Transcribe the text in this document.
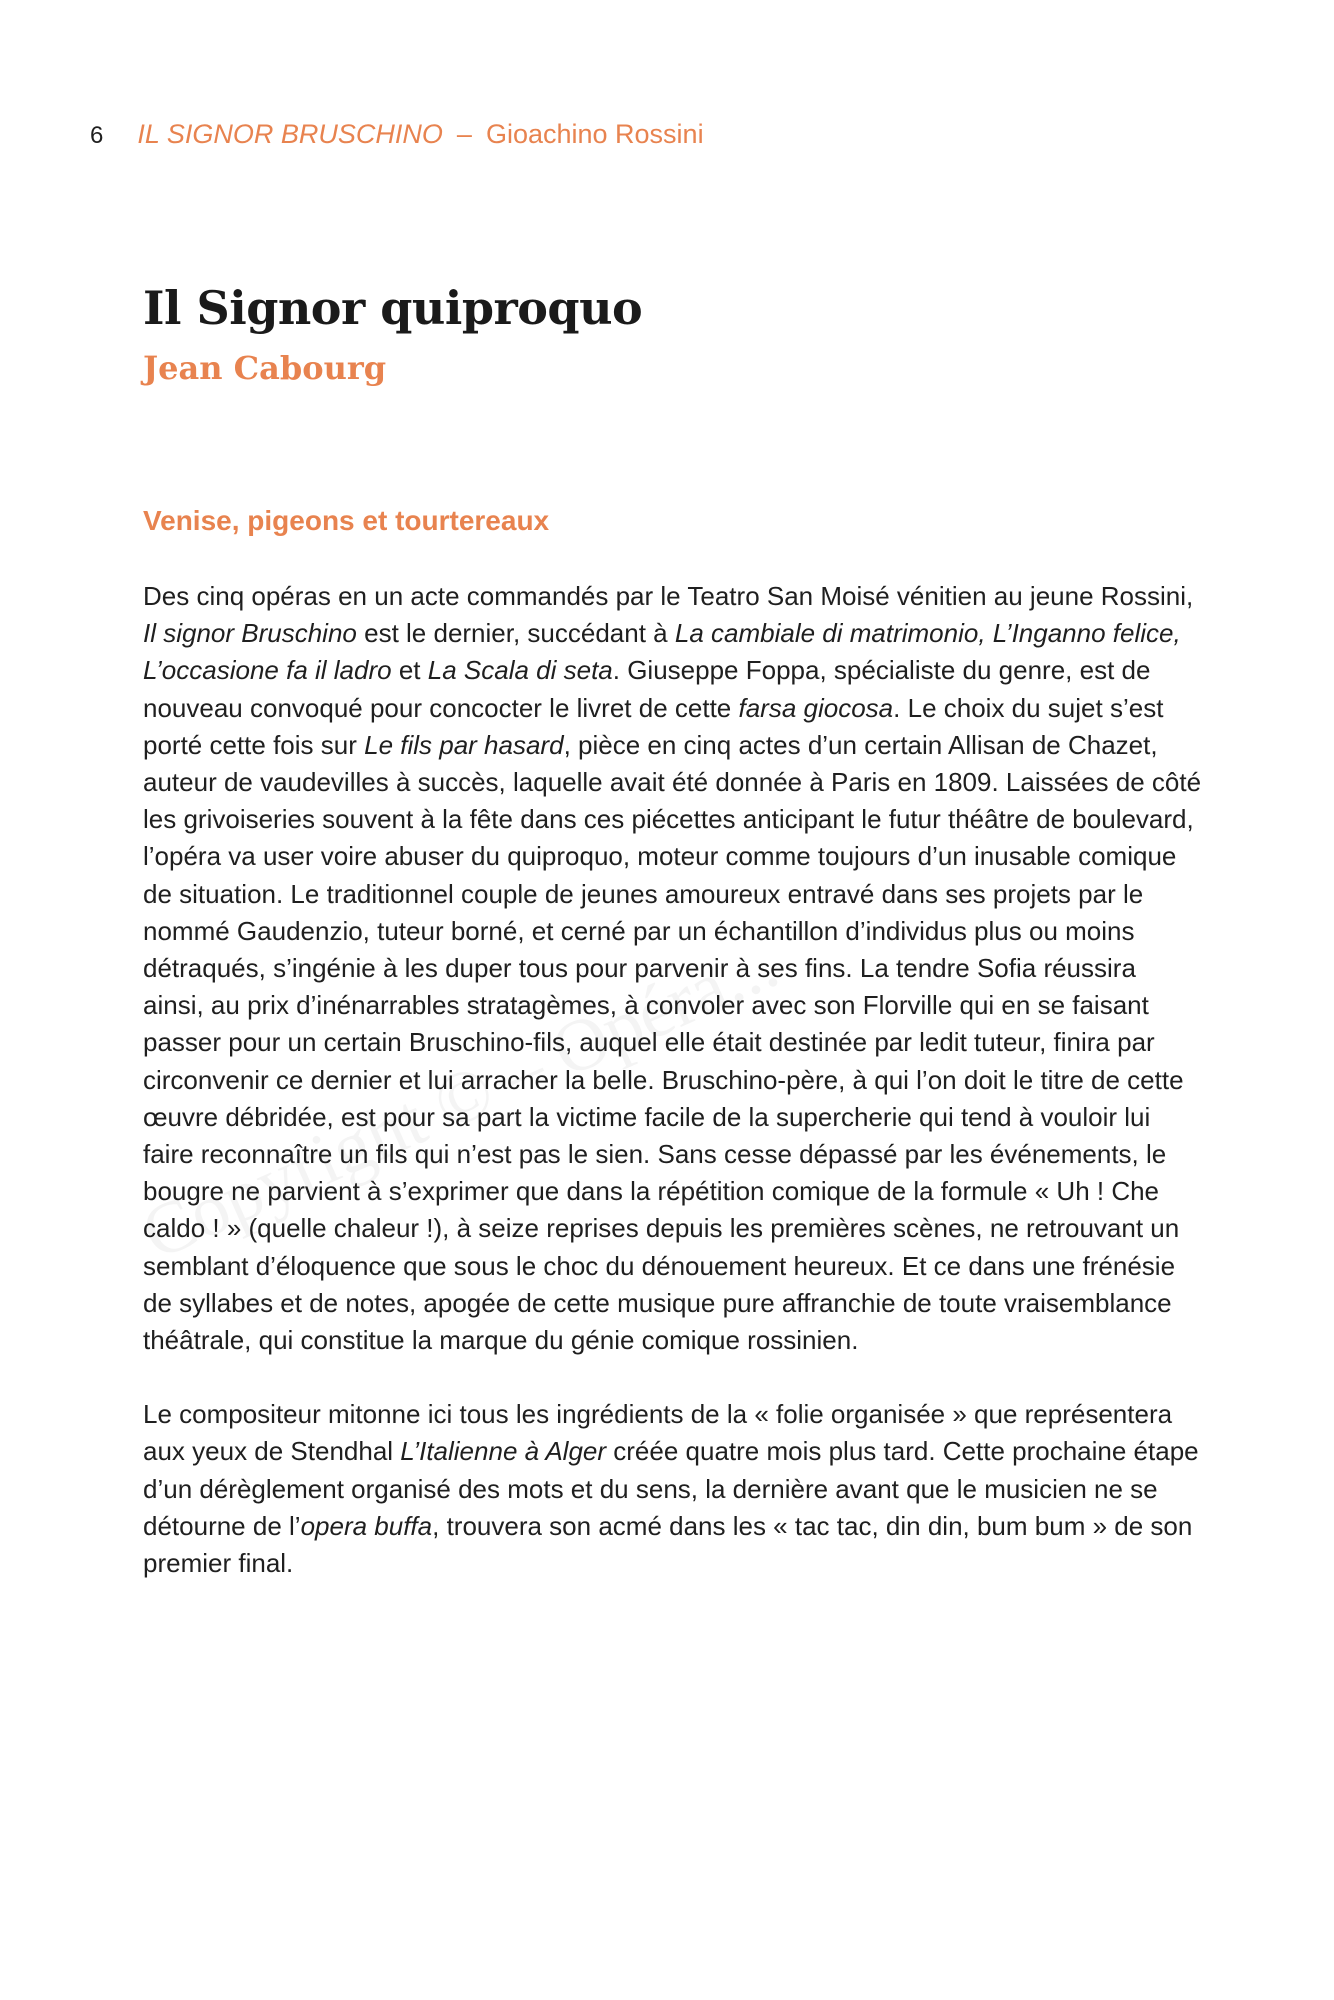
6 IL SIGNOR BRUSCHINO – Gioachino Rossini
Il Signor quiproquo
Jean Cabourg
Venise, pigeons et tourtereaux

Des cinq opéras en un acte commandés par le Teatro San Moisé vénitien au jeune Rossini, Il signor Bruschino est le dernier, succédant à La cambiale di matrimonio, L’Inganno felice, L’occasione fa il ladro et La Scala di seta. Giuseppe Foppa, spécialiste du genre, est de nouveau convoqué pour concocter le livret de cette farsa giocosa. Le choix du sujet s’est porté cette fois sur Le fils par hasard, pièce en cinq actes d’un certain Allisan de Chazet, auteur de vaudevilles à succès, laquelle avait été donnée à Paris en 1809. Laissées de côté les grivoiseries souvent à la fête dans ces piécettes anticipant le futur théâtre de boulevard, l’opéra va user voire abuser du quiproquo, moteur comme toujours d’un inusable comique de situation. Le traditionnel couple de jeunes amoureux entravé dans ses projets par le nommé Gaudenzio, tuteur borné, et cerné par un échantillon d’individus plus ou moins détraqués, s’ingénie à les duper tous pour parvenir à ses fins. La tendre Sofia réussira ainsi, au prix d’inénarrables stratagèmes, à convoler avec son Florville qui en se faisant passer pour un certain Bruschino-fils, auquel elle était destinée par ledit tuteur, finira par circonvenir ce dernier et lui arracher la belle. Bruschino-père, à qui l’on doit le titre de cette œuvre débridée, est pour sa part la victime facile de la supercherie qui tend à vouloir lui faire reconnaître un fils qui n’est pas le sien. Sans cesse dépassé par les événements, le bougre ne parvient à s’exprimer que dans la répétition comique de la formule « Uh ! Che caldo ! » (quelle chaleur !), à seize reprises depuis les premières scènes, ne retrouvant un semblant d’éloquence que sous le choc du dénouement heureux. Et ce dans une frénésie de syllabes et de notes, apogée de cette musique pure affranchie de toute vraisemblance théâtrale, qui constitue la marque du génie comique rossinien.

Le compositeur mitonne ici tous les ingrédients de la « folie organisée » que représentera aux yeux de Stendhal L’Italienne à Alger créée quatre mois plus tard. Cette prochaine étape d’un dérèglement organisé des mots et du sens, la dernière avant que le musicien ne se détourne de l’opera buffa, trouvera son acmé dans les « tac tac, din din, bum bum » de son premier final.
